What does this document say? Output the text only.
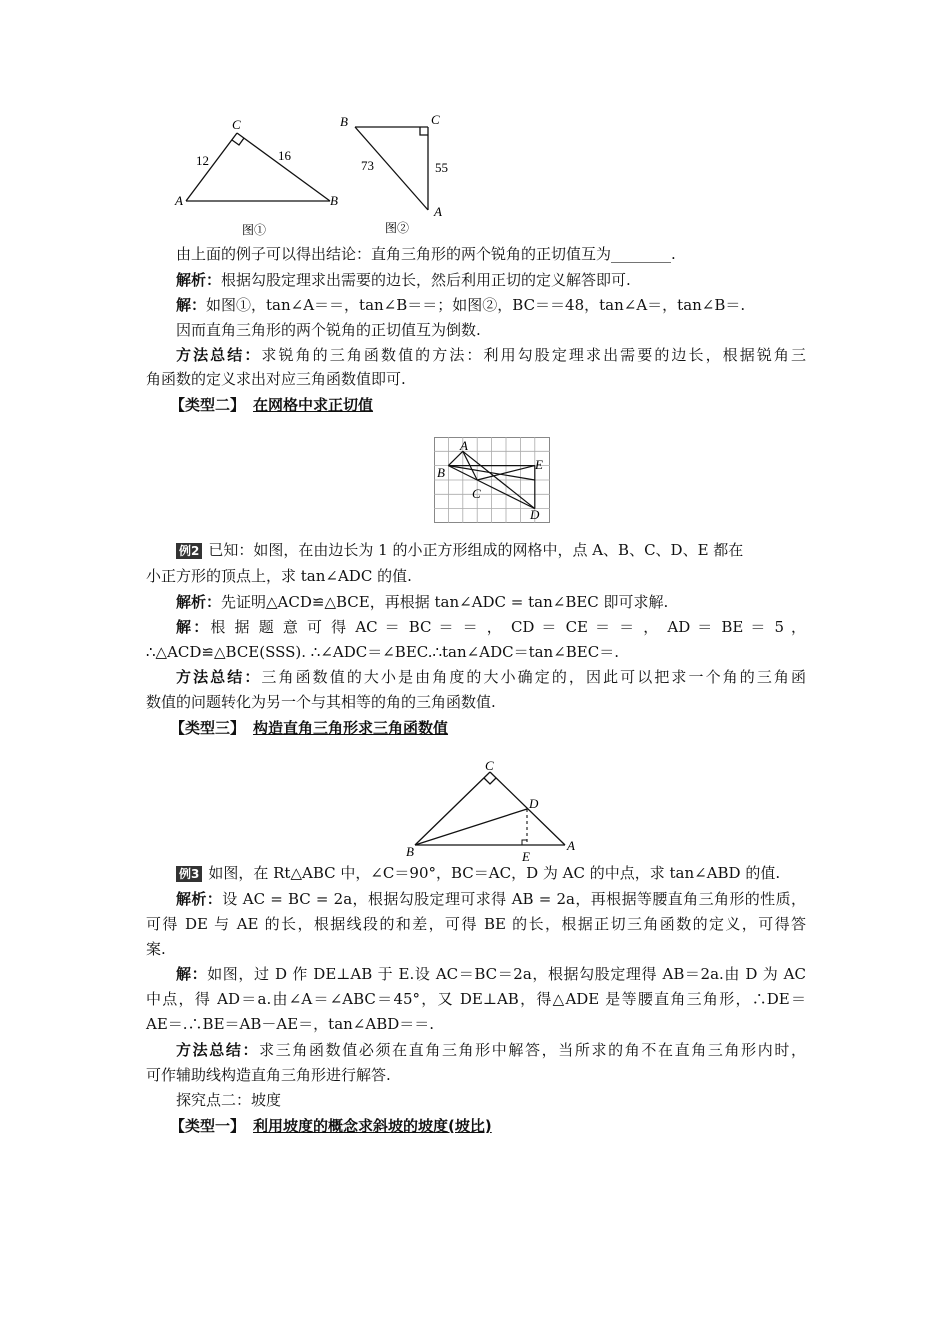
C
A	B
12	16
图①
B	C
A
73	55
图②
由上面的例子可以得出结论：直角三角形的两个锐角的正切值互为________.
解析：根据勾股定理求出需要的边长，然后利用正切的定义解答即可.
解：如图①，tan∠A＝＝，tan∠B＝＝；如图②，BC＝＝48，tan∠A＝，tan∠B＝.
因而直角三角形的两个锐角的正切值互为倒数.
方法总结：求锐角的三角函数值的方法：利用勾股定理求出需要的边长，根据锐角三
角函数的定义求出对应三角函数值即可.
【类型二】 在网格中求正切值
A
B
C
E
D
例2 已知：如图，在由边长为 1 的小正方形组成的网格中，点 A、B、C、D、E 都在
小正方形的顶点上，求 tan∠ADC 的值.
解析：先证明△ACD≌△BCE，再根据 tan∠ADC = tan∠BEC 即可求解.
解：根 据 题 意 可 得 AC ＝ BC ＝ ＝ ， CD ＝ CE ＝ ＝ ， AD ＝ BE ＝ 5 ，
∴△ACD≌△BCE(SSS). ∴∠ADC＝∠BEC.∴tan∠ADC＝tan∠BEC＝.
方法总结：三角函数值的大小是由角度的大小确定的，因此可以把求一个角的三角函
数值的问题转化为另一个与其相等的角的三角函数值.
【类型三】 构造直角三角形求三角函数值
C
D
B	A
E
例3 如图，在 Rt△ABC 中，∠C＝90°，BC＝AC，D 为 AC 的中点，求 tan∠ABD 的值.
解析：设 AC = BC = 2a，根据勾股定理可求得 AB = 2a，再根据等腰直角三角形的性质，
可得 DE 与 AE 的长，根据线段的和差，可得 BE 的长，根据正切三角函数的定义，可得答
案.
解：如图，过 D 作 DE⊥AB 于 E.设 AC＝BC＝2a，根据勾股定理得 AB＝2a.由 D 为 AC
中点，得 AD＝a.由∠A＝∠ABC＝45°，又 DE⊥AB，得△ADE 是等腰直角三角形，∴DE＝
AE＝.∴BE＝AB－AE＝，tan∠ABD＝＝.
方法总结：求三角函数值必须在直角三角形中解答，当所求的角不在直角三角形内时，
可作辅助线构造直角三角形进行解答.
探究点二：坡度
【类型一】 利用坡度的概念求斜坡的坡度(坡比)
